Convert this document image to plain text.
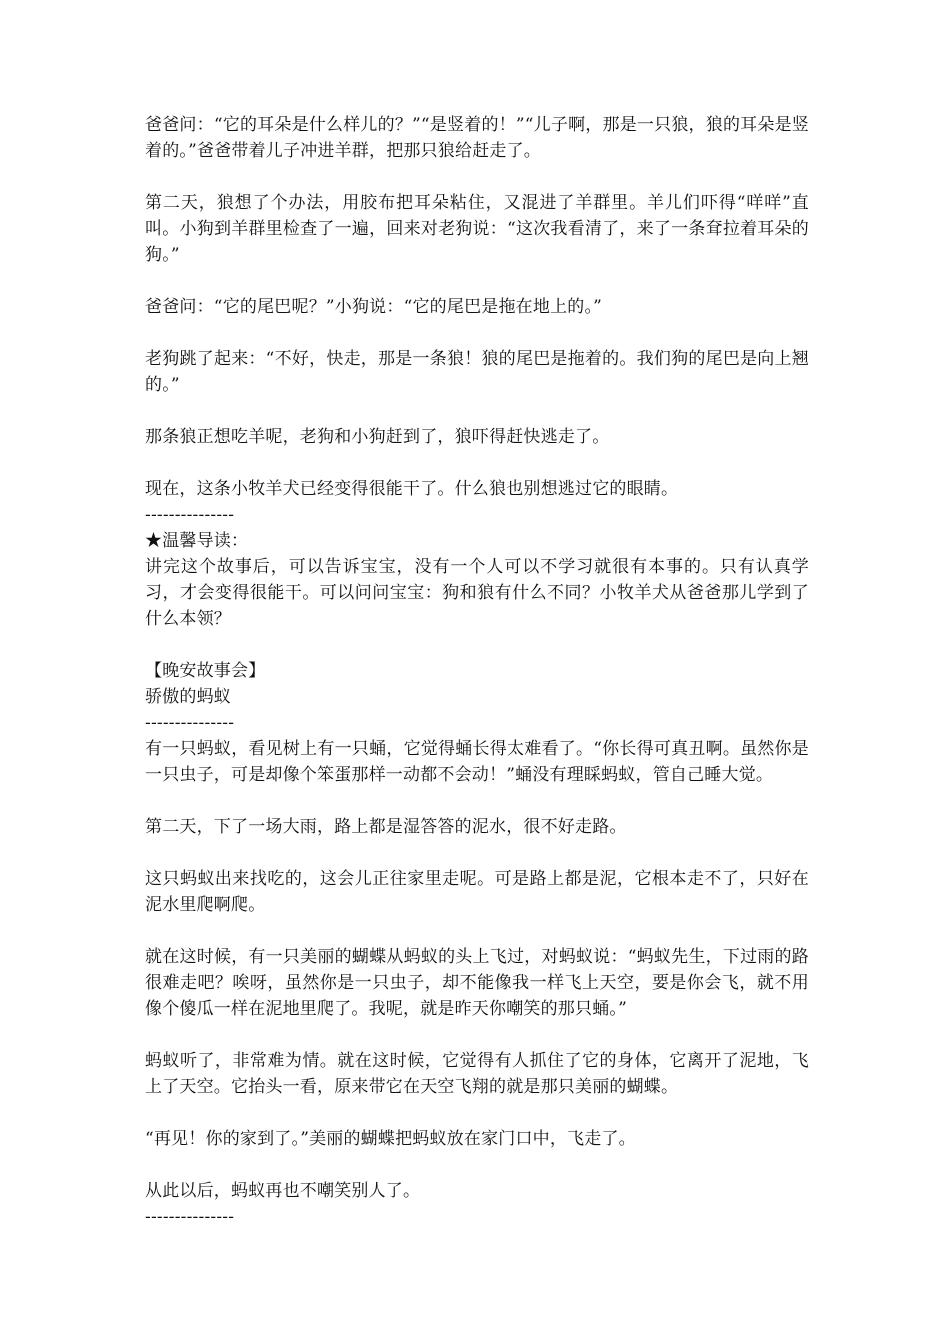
爸爸问：“它的耳朵是什么样儿的？”“是竖着的！”“儿子啊，那是一只狼，狼的耳朵是竖着的。”爸爸带着儿子冲进羊群，把那只狼给赶走了。

第二天，狼想了个办法，用胶布把耳朵粘住，又混进了羊群里。羊儿们吓得“咩咩”直叫。小狗到羊群里检查了一遍，回来对老狗说：“这次我看清了，来了一条耷拉着耳朵的狗。”

爸爸问：“它的尾巴呢？”小狗说：“它的尾巴是拖在地上的。”

老狗跳了起来：“不好，快走，那是一条狼！狼的尾巴是拖着的。我们狗的尾巴是向上翘的。”

那条狼正想吃羊呢，老狗和小狗赶到了，狼吓得赶快逃走了。

现在，这条小牧羊犬已经变得很能干了。什么狼也别想逃过它的眼睛。

---------------
★温馨导读：

讲完这个故事后，可以告诉宝宝，没有一个人可以不学习就很有本事的。只有认真学习，才会变得很能干。可以问问宝宝：狗和狼有什么不同？小牧羊犬从爸爸那儿学到了什么本领？

【晚安故事会】
骄傲的蚂蚁
---------------

有一只蚂蚁，看见树上有一只蛹，它觉得蛹长得太难看了。“你长得可真丑啊。虽然你是一只虫子，可是却像个笨蛋那样一动都不会动！”蛹没有理睬蚂蚁，管自己睡大觉。

第二天，下了一场大雨，路上都是湿答答的泥水，很不好走路。

这只蚂蚁出来找吃的，这会儿正往家里走呢。可是路上都是泥，它根本走不了，只好在泥水里爬啊爬。

就在这时候，有一只美丽的蝴蝶从蚂蚁的头上飞过，对蚂蚁说：“蚂蚁先生，下过雨的路很难走吧？唉呀，虽然你是一只虫子，却不能像我一样飞上天空，要是你会飞，就不用像个傻瓜一样在泥地里爬了。我呢，就是昨天你嘲笑的那只蛹。”

蚂蚁听了，非常难为情。就在这时候，它觉得有人抓住了它的身体，它离开了泥地，飞上了天空。它抬头一看，原来带它在天空飞翔的就是那只美丽的蝴蝶。

“再见！你的家到了。”美丽的蝴蝶把蚂蚁放在家门口中，飞走了。

从此以后，蚂蚁再也不嘲笑别人了。

---------------
